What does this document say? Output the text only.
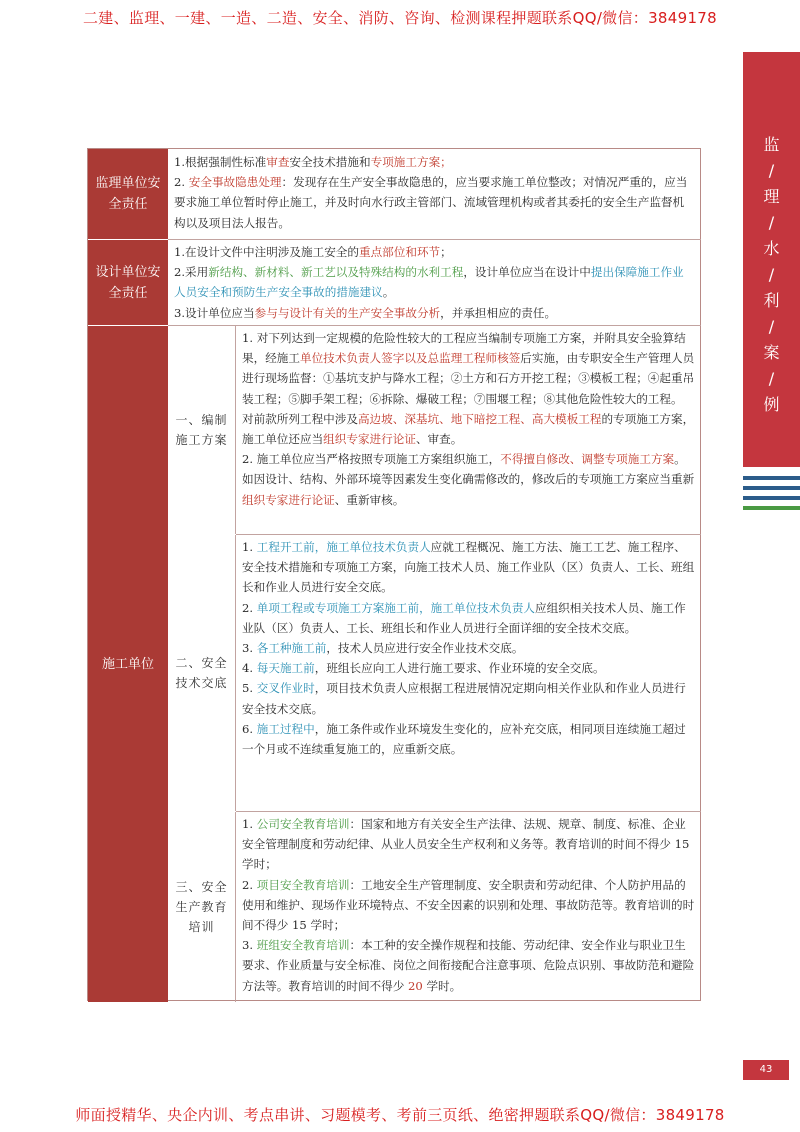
二建、监理、一建、一造、二造、安全、消防、咨询、检测课程押题联系QQ/微信：3849178
监 / 理 / 水 / 利 / 案 / 例
监理单位安全责任
1.根据强制性标准审查安全技术措施和专项施工方案；
2. 安全事故隐患处理：发现存在生产安全事故隐患的，应当要求施工单位整改；对情况严重的，应当要求施工单位暂时停止施工，并及时向水行政主管部门、流域管理机构或者其委托的安全生产监督机构以及项目法人报告。
设计单位安全责任
1.在设计文件中注明涉及施工安全的重点部位和环节；
2.采用新结构、新材料、新工艺以及特殊结构的水利工程，设计单位应当在设计中提出保障施工作业人员安全和预防生产安全事故的措施建议。
3.设计单位应当参与与设计有关的生产安全事故分析，并承担相应的责任。
施工单位
一、编制施工方案
1. 对下列达到一定规模的危险性较大的工程应当编制专项施工方案，并附具安全验算结果，经施工单位技术负责人签字以及总监理工程师核签后实施，由专职安全生产管理人员进行现场监督：①基坑支护与降水工程；②土方和石方开挖工程；③模板工程；④起重吊装工程；⑤脚手架工程；⑥拆除、爆破工程；⑦围堰工程；⑧其他危险性较大的工程。
对前款所列工程中涉及高边坡、深基坑、地下暗挖工程、高大模板工程的专项施工方案，施工单位还应当组织专家进行论证、审查。
2. 施工单位应当严格按照专项施工方案组织施工，不得擅自修改、调整专项施工方案。如因设计、结构、外部环境等因素发生变化确需修改的，修改后的专项施工方案应当重新组织专家进行论证、重新审核。
二、安全技术交底
1. 工程开工前，施工单位技术负责人应就工程概况、施工方法、施工工艺、施工程序、安全技术措施和专项施工方案，向施工技术人员、施工作业队（区）负责人、工长、班组长和作业人员进行安全交底。
2. 单项工程或专项施工方案施工前，施工单位技术负责人应组织相关技术人员、施工作业队（区）负责人、工长、班组长和作业人员进行全面详细的安全技术交底。
3. 各工种施工前，技术人员应进行安全作业技术交底。
4. 每天施工前，班组长应向工人进行施工要求、作业环境的安全交底。
5. 交叉作业时，项目技术负责人应根据工程进展情况定期向相关作业队和作业人员进行安全技术交底。
6. 施工过程中，施工条件或作业环境发生变化的，应补充交底，相同项目连续施工超过一个月或不连续重复施工的，应重新交底。
三、安全生产教育培训
1. 公司安全教育培训：国家和地方有关安全生产法律、法规、规章、制度、标准、企业安全管理制度和劳动纪律、从业人员安全生产权利和义务等。教育培训的时间不得少 15 学时；
2. 项目安全教育培训：工地安全生产管理制度、安全职责和劳动纪律、个人防护用品的使用和维护、现场作业环境特点、不安全因素的识别和处理、事故防范等。教育培训的时间不得少 15 学时；
3. 班组安全教育培训：本工种的安全操作规程和技能、劳动纪律、安全作业与职业卫生要求、作业质量与安全标准、岗位之间衔接配合注意事项、危险点识别、事故防范和避险方法等。教育培训的时间不得少 20 学时。
43
师面授精华、央企内训、考点串讲、习题模考、考前三页纸、绝密押题联系QQ/微信：3849178
